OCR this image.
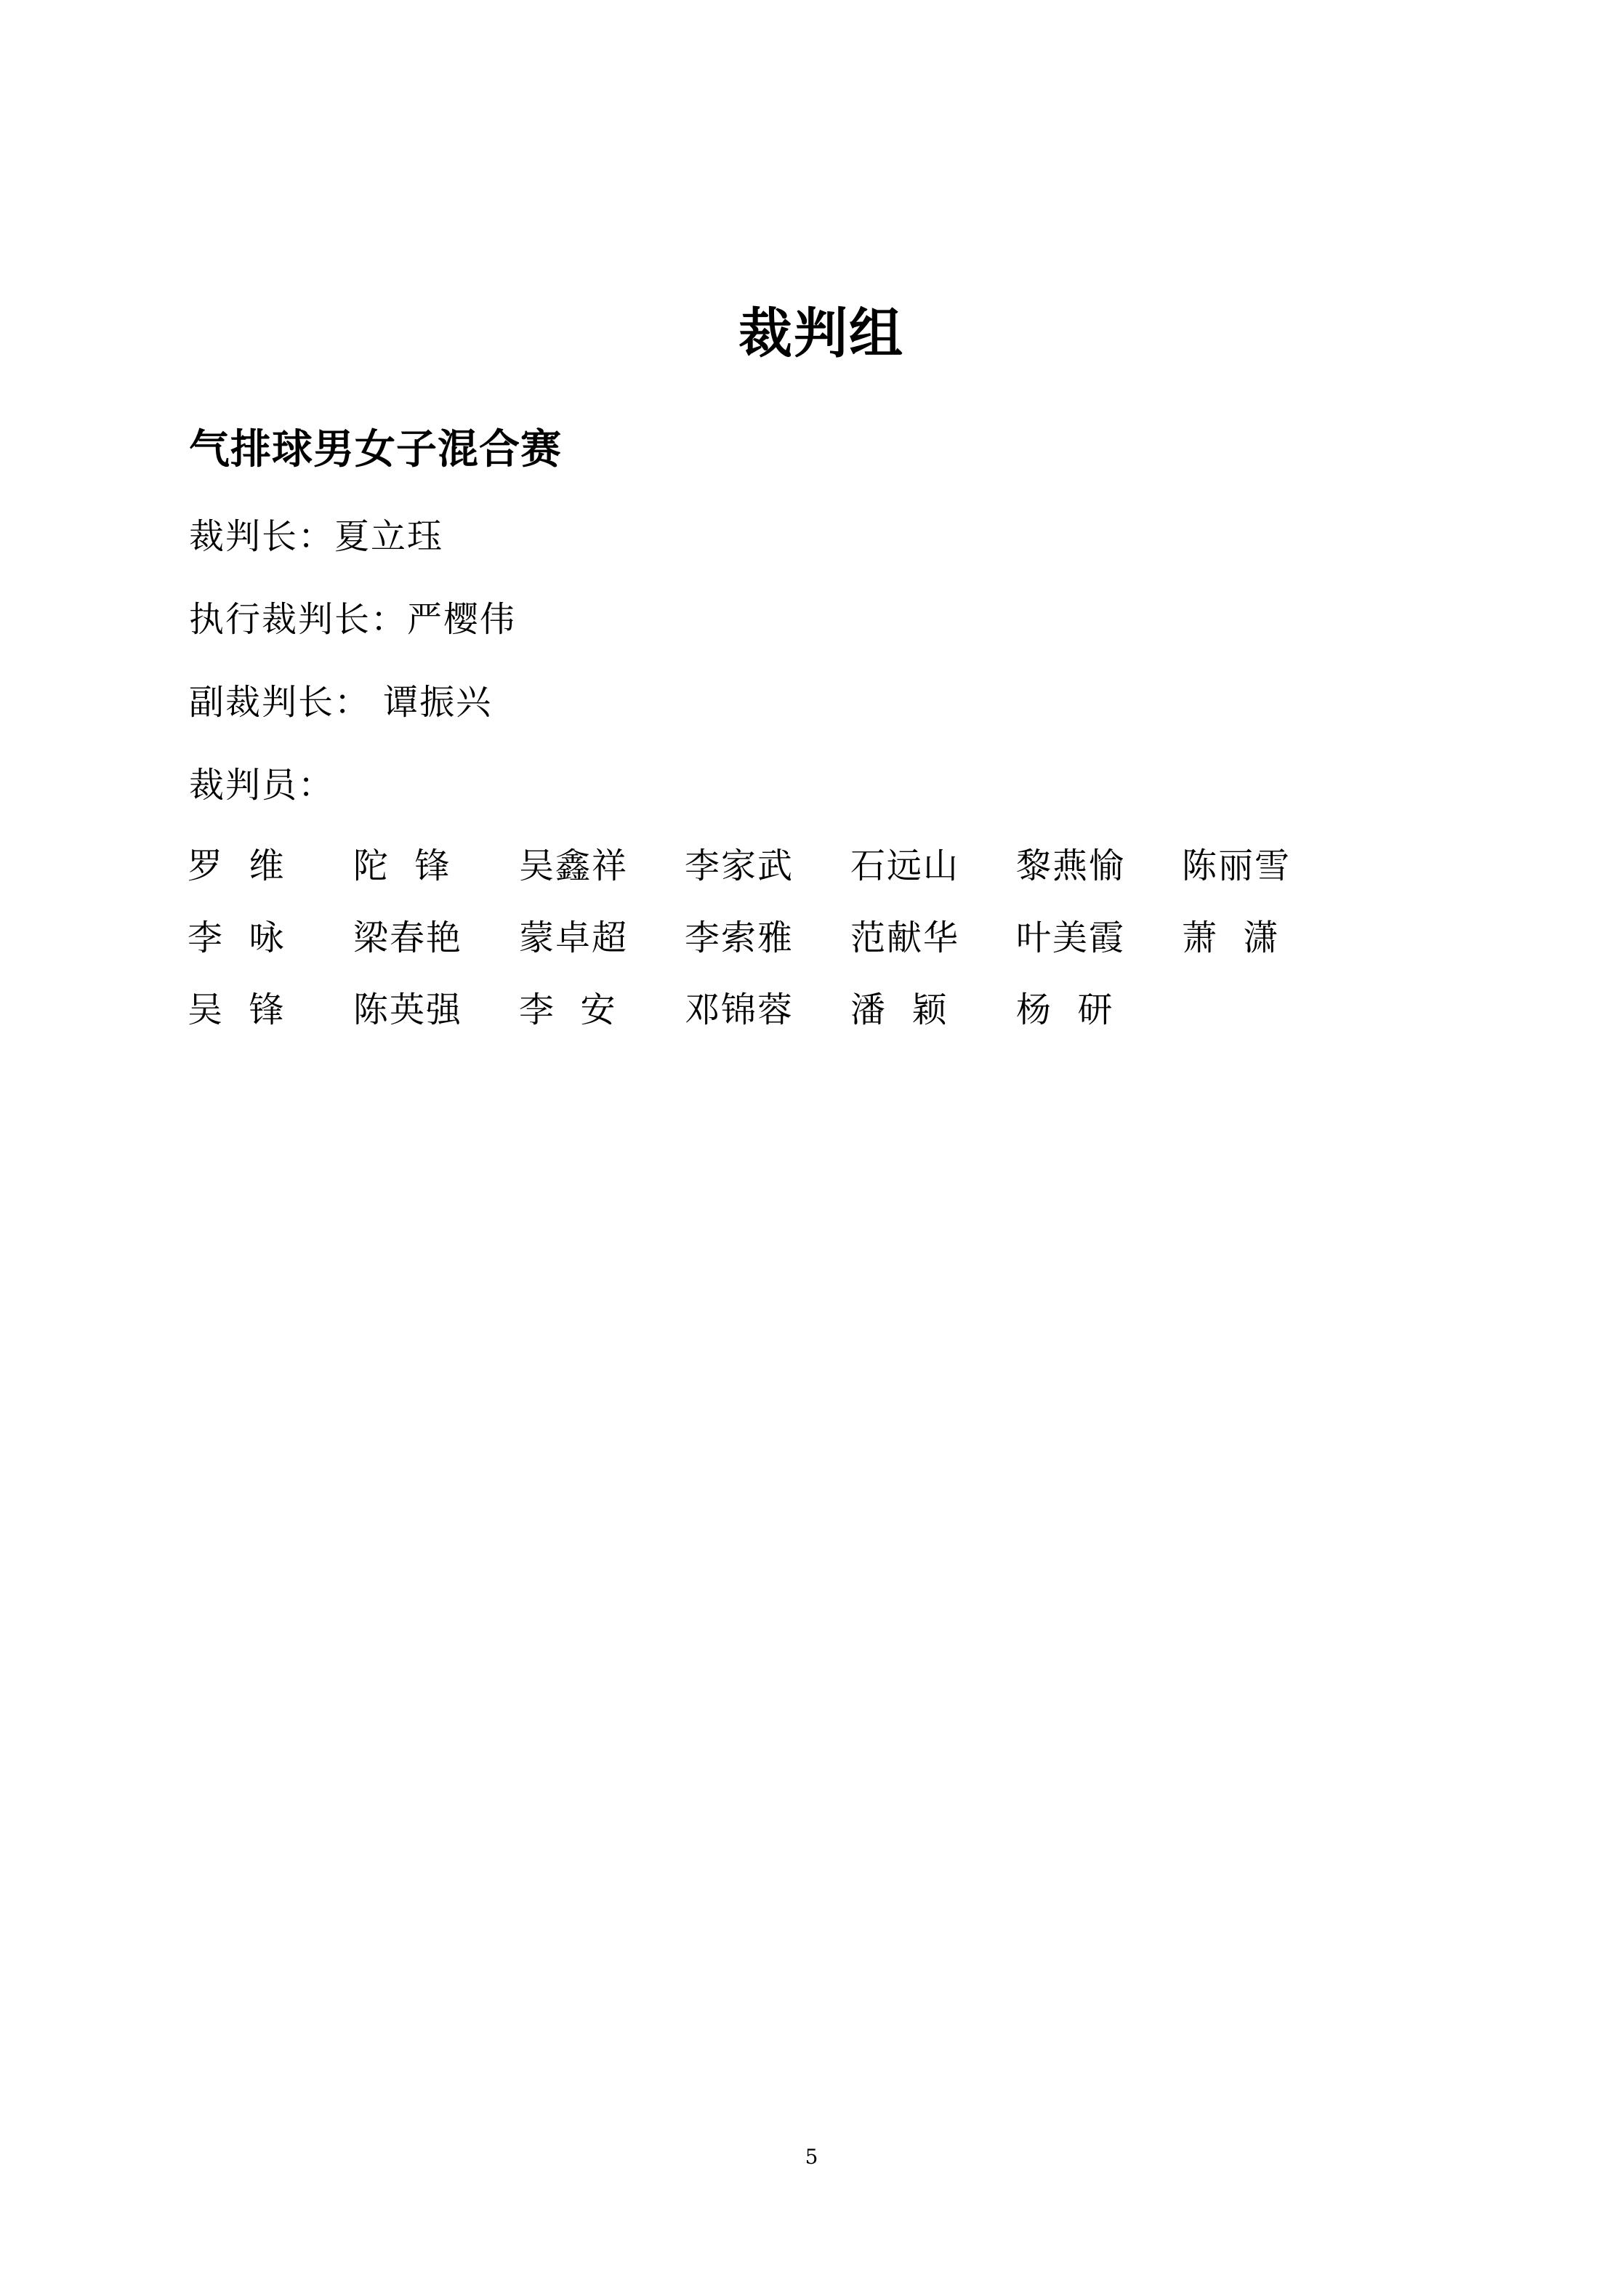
裁判组
气排球男女子混合赛
裁判长：夏立珏
执行裁判长：严樱伟
副裁判长： 谭振兴
裁判员：
罗  维	陀  锋	吴鑫祥	李家武	石远山	黎燕愉	陈丽雪
李  咏	梁春艳	蒙卓超	李索雅	范献华	叶美霞	萧  潇
吴  锋	陈英强	李  安	邓锦蓉	潘  颖	杨  研
5
